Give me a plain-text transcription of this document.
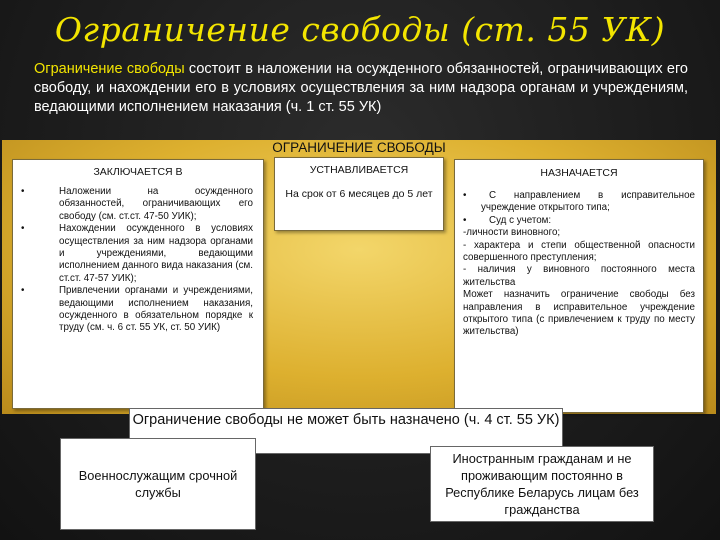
Ограничение свободы (ст. 55 УК)
Ограничение свободы состоит в наложении на осужденного обязанностей, ограничивающих его свободу, и нахождении его в условиях осуществления за ним надзора органам и учреждениям, ведающими исполнением наказания (ч. 1 ст. 55 УК)
ОГРАНИЧЕНИЕ СВОБОДЫ
ЗАКЛЮЧАЕТСЯ В
•	Наложении на осужденного обязанностей, ограничивающих его свободу (см. ст.ст. 47-50 УИК);
•	Нахождении осужденного в условиях осуществления за ним надзора органами и учреждениями, ведающими исполнением данного вида наказания (см. ст.ст. 47-57 УИК);
•	Привлечении органами и учреждениями, ведающими исполнением наказания, осужденного в обязательном порядке к труду (см. ч. 6 ст. 55 УК, ст. 50 УИК)
УСТНАВЛИВАЕТСЯ
На срок от 6 месяцев до 5 лет
НАЗНАЧАЕТСЯ
• С направлением в исправительное учреждение открытого типа;
• Суд с учетом:
-личности виновного;
- характера и степи общественной опасности совершенного преступления;
- наличия у виновного постоянного места жительства
Может назначить ограничение свободы без направления в исправительное учреждение открытого типа (с привлечением к труду по месту жительства)
Ограничение свободы не может быть назначено (ч. 4 ст. 55 УК)
Военнослужащим срочной службы
Иностранным гражданам и не проживающим постоянно в Республике Беларусь лицам без гражданства
